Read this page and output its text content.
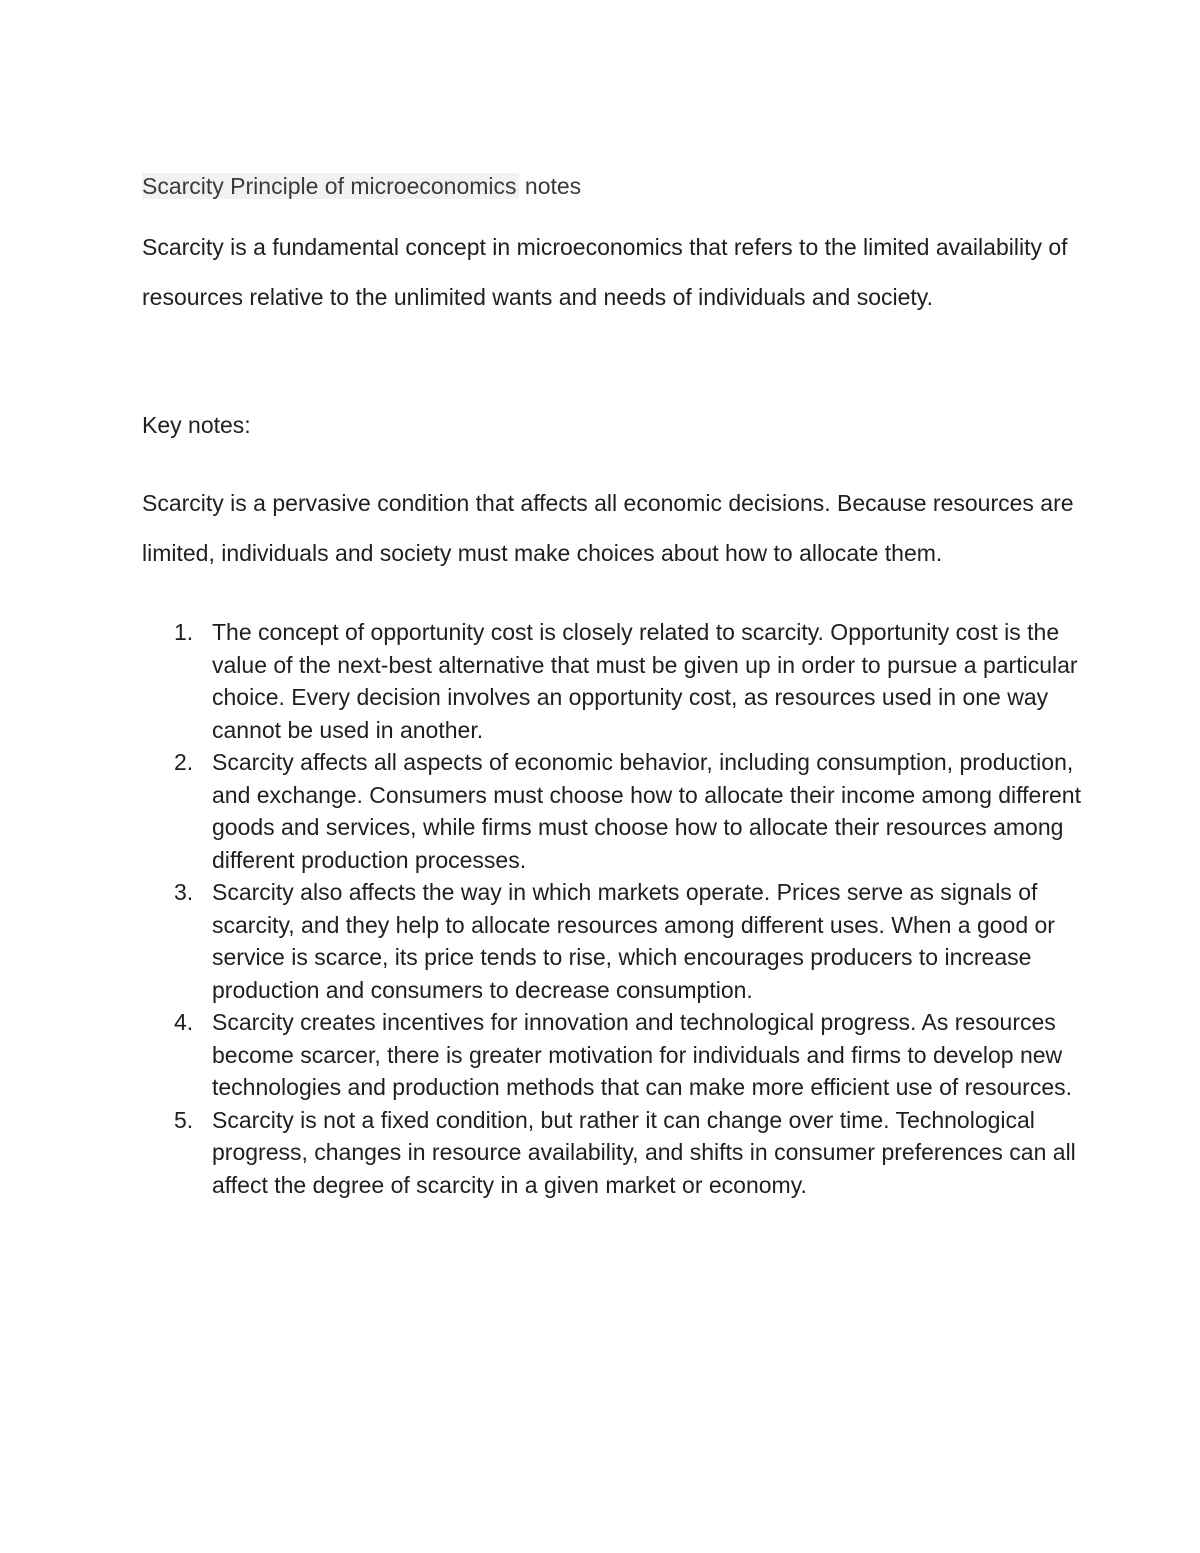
Scarcity Principle of microeconomics notes

Scarcity is a fundamental concept in microeconomics that refers to the limited availability of resources relative to the unlimited wants and needs of individuals and society.

Key notes:

Scarcity is a pervasive condition that affects all economic decisions. Because resources are limited, individuals and society must make choices about how to allocate them.

1. The concept of opportunity cost is closely related to scarcity. Opportunity cost is the value of the next-best alternative that must be given up in order to pursue a particular choice. Every decision involves an opportunity cost, as resources used in one way cannot be used in another.
2. Scarcity affects all aspects of economic behavior, including consumption, production, and exchange. Consumers must choose how to allocate their income among different goods and services, while firms must choose how to allocate their resources among different production processes.
3. Scarcity also affects the way in which markets operate. Prices serve as signals of scarcity, and they help to allocate resources among different uses. When a good or service is scarce, its price tends to rise, which encourages producers to increase production and consumers to decrease consumption.
4. Scarcity creates incentives for innovation and technological progress. As resources become scarcer, there is greater motivation for individuals and firms to develop new technologies and production methods that can make more efficient use of resources.
5. Scarcity is not a fixed condition, but rather it can change over time. Technological progress, changes in resource availability, and shifts in consumer preferences can all affect the degree of scarcity in a given market or economy.
